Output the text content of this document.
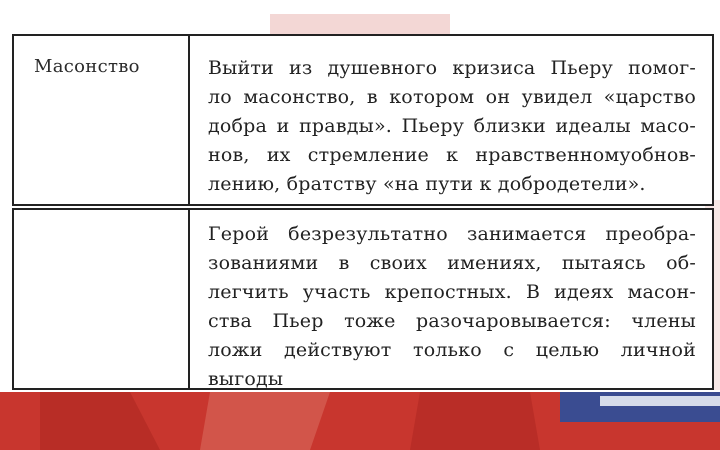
Масонство	Выйти из душевного кризиса Пьеру помог-
ло масонство, в котором он увидел «царство
добра и правды». Пьеру близки идеалы масо-
нов, их стремление к нравственномуобнов-
лению, братству «на пути к добродетели».
Герой безрезультатно занимается преобра-
зованиями в своих имениях, пытаясь об-
легчить участь крепостных. В идеях масон-
ства Пьер тоже разочаровывается: члены
ложи действуют только с целью личной
выгоды
